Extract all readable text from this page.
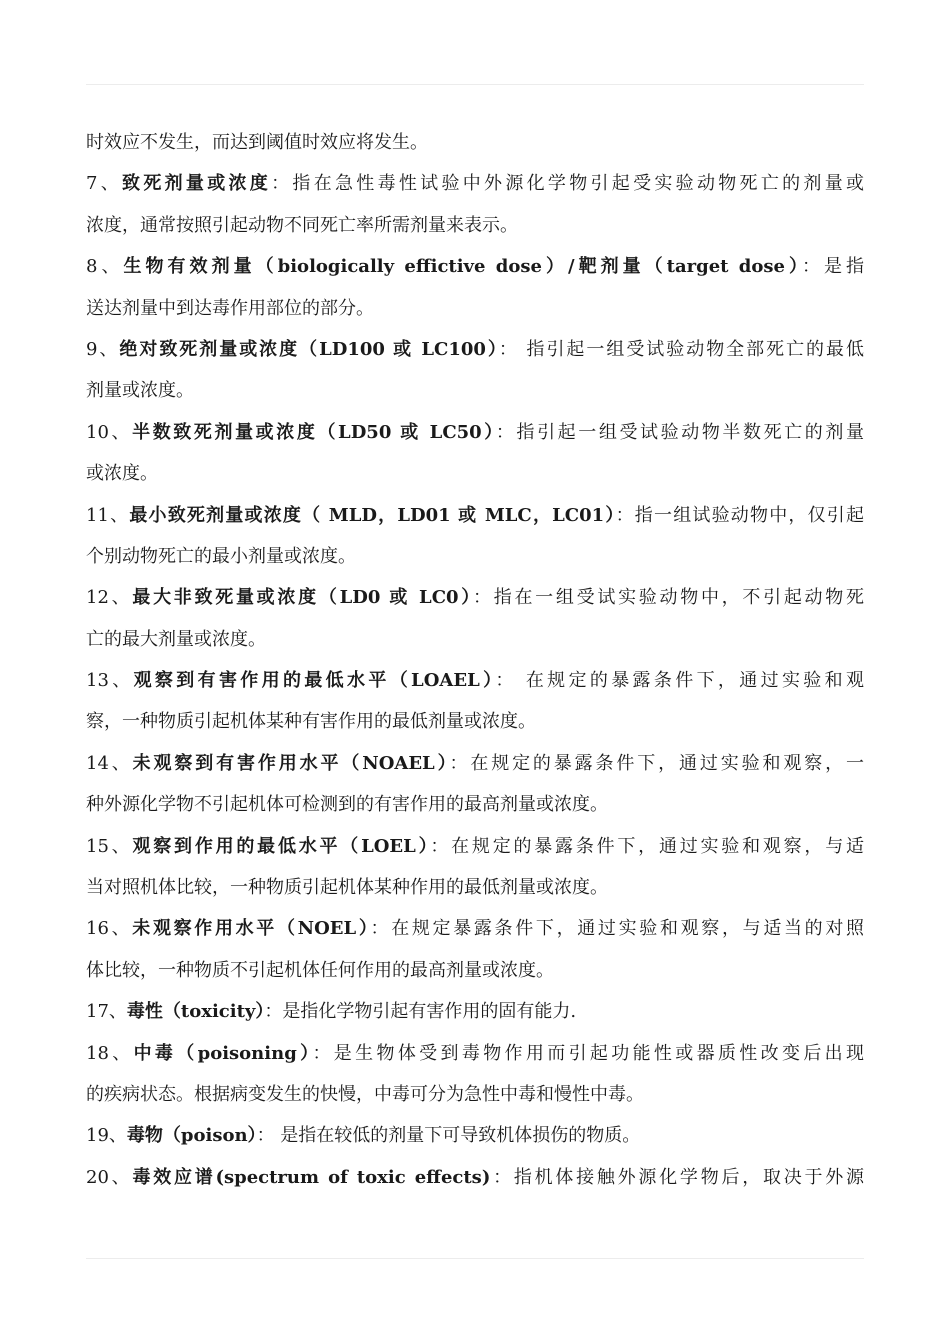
时效应不发生，而达到阈值时效应将发生。
7、致死剂量或浓度：指在急性毒性试验中外源化学物引起受实验动物死亡的剂量或
浓度，通常按照引起动物不同死亡率所需剂量来表示。
8、生物有效剂量（biologically effictive dose）/靶剂量（target dose）：是指
送达剂量中到达毒作用部位的部分。
9、绝对致死剂量或浓度（LD100 或 LC100）： 指引起一组受试验动物全部死亡的最低
剂量或浓度。
10、半数致死剂量或浓度（LD50 或 LC50）：指引起一组受试验动物半数死亡的剂量
或浓度。
11、最小致死剂量或浓度（ MLD，LD01 或 MLC，LC01）：指一组试验动物中，仅引起
个别动物死亡的最小剂量或浓度。
12、最大非致死量或浓度（LD0 或 LC0）：指在一组受试实验动物中，不引起动物死
亡的最大剂量或浓度。
13、观察到有害作用的最低水平（LOAEL）： 在规定的暴露条件下，通过实验和观
察，一种物质引起机体某种有害作用的最低剂量或浓度。
14、未观察到有害作用水平（NOAEL）：在规定的暴露条件下，通过实验和观察，一
种外源化学物不引起机体可检测到的有害作用的最高剂量或浓度。
15、观察到作用的最低水平（LOEL）：在规定的暴露条件下，通过实验和观察，与适
当对照机体比较，一种物质引起机体某种作用的最低剂量或浓度。
16、未观察作用水平（NOEL）：在规定暴露条件下，通过实验和观察，与适当的对照
体比较，一种物质不引起机体任何作用的最高剂量或浓度。
17、毒性（toxicity）：是指化学物引起有害作用的固有能力.
18、中毒（poisoning）：是生物体受到毒物作用而引起功能性或器质性改变后出现
的疾病状态。根据病变发生的快慢，中毒可分为急性中毒和慢性中毒。
19、毒物（poison）： 是指在较低的剂量下可导致机体损伤的物质。
20、毒效应谱(spectrum of toxic effects)：指机体接触外源化学物后，取决于外源
